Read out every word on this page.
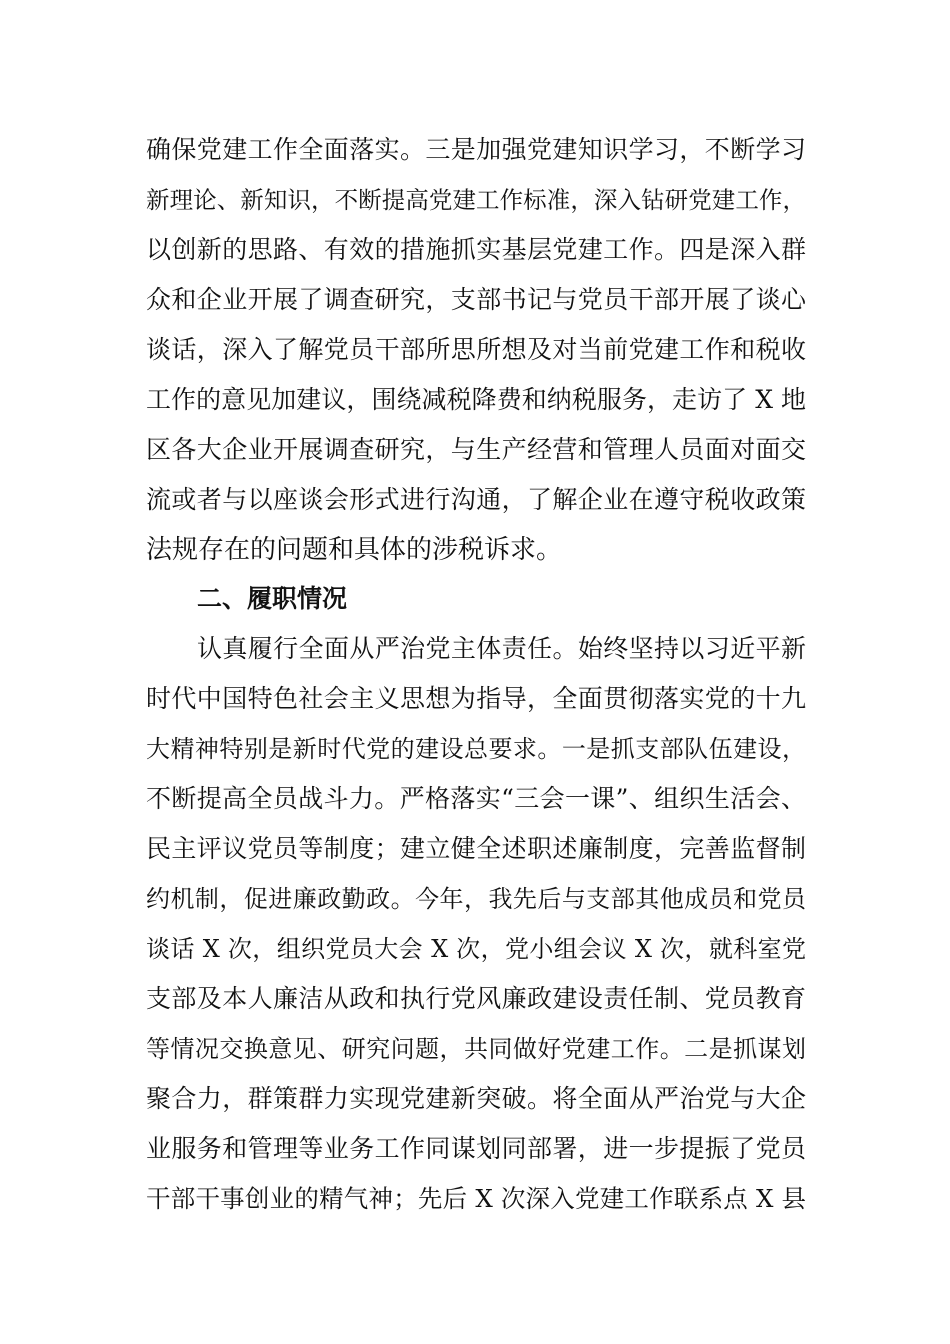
确保党建工作全面落实。三是加强党建知识学习，不断学习
新理论、新知识，不断提高党建工作标准，深入钻研党建工作，
以创新的思路、有效的措施抓实基层党建工作。四是深入群
众和企业开展了调查研究，支部书记与党员干部开展了谈心
谈话，深入了解党员干部所思所想及对当前党建工作和税收
工作的意见加建议，围绕减税降费和纳税服务，走访了 X 地
区各大企业开展调查研究，与生产经营和管理人员面对面交
流或者与以座谈会形式进行沟通，了解企业在遵守税收政策
法规存在的问题和具体的涉税诉求。
二、履职情况
认真履行全面从严治党主体责任。始终坚持以习近平新
时代中国特色社会主义思想为指导，全面贯彻落实党的十九
大精神特别是新时代党的建设总要求。一是抓支部队伍建设，
不断提高全员战斗力。严格落实“三会一课”、组织生活会、
民主评议党员等制度；建立健全述职述廉制度，完善监督制
约机制，促进廉政勤政。今年，我先后与支部其他成员和党员
谈话 X 次，组织党员大会 X 次，党小组会议 X 次，就科室党
支部及本人廉洁从政和执行党风廉政建设责任制、党员教育
等情况交换意见、研究问题，共同做好党建工作。二是抓谋划
聚合力，群策群力实现党建新突破。将全面从严治党与大企
业服务和管理等业务工作同谋划同部署，进一步提振了党员
干部干事创业的精气神；先后 X 次深入党建工作联系点 X 县
